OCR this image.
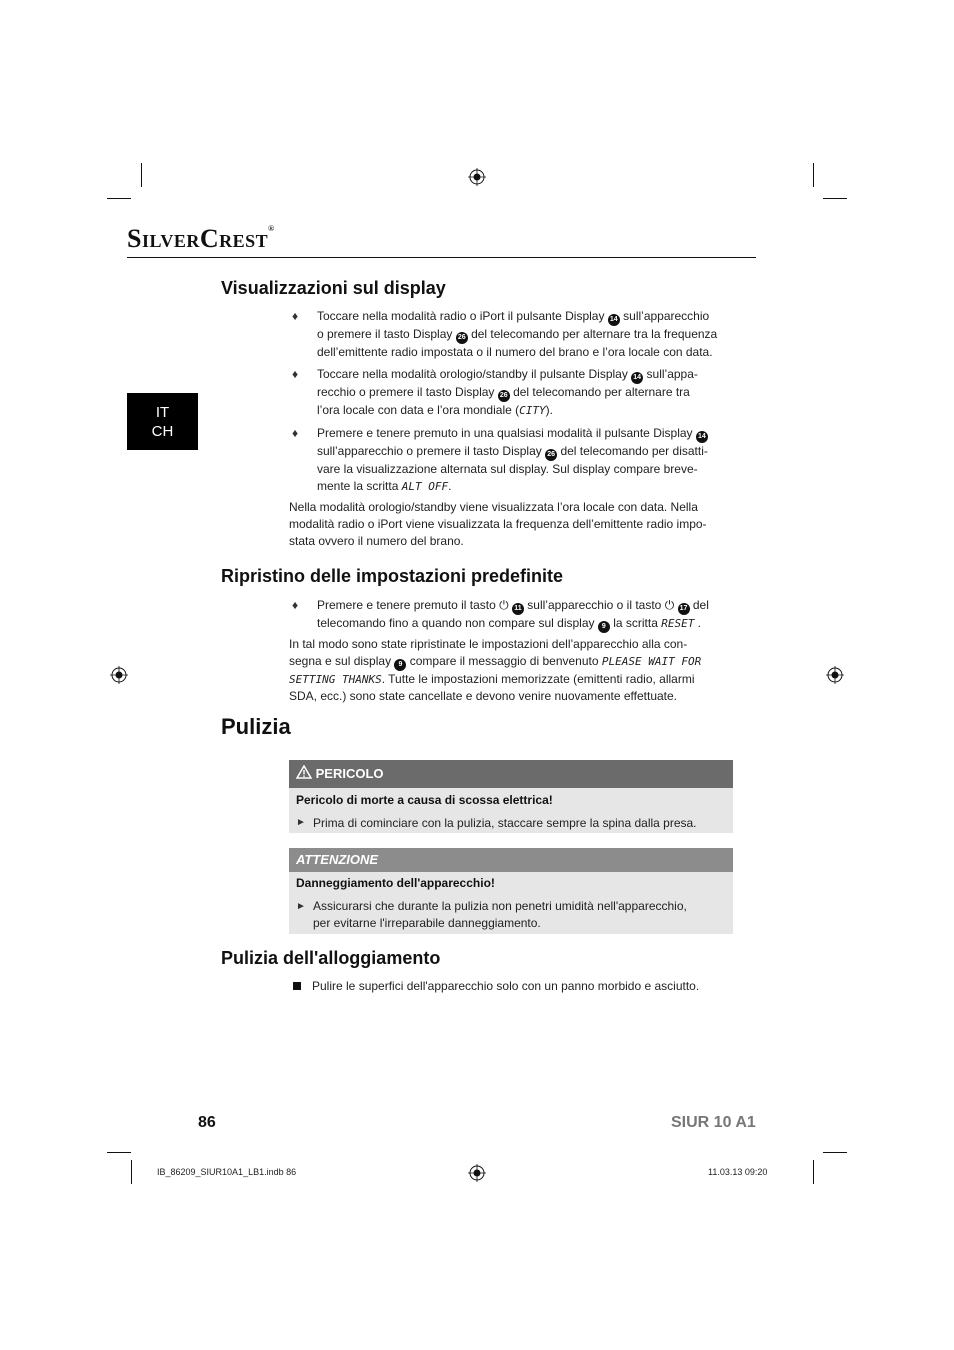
SilverCrest®
IT
CH
Visualizzazioni sul display
♦ Toccare nella modalità radio o iPort il pulsante Display 14 sull’apparecchio
o premere il tasto Display 26 del telecomando per alternare tra la frequenza
dell’emittente radio impostata o il numero del brano e l’ora locale con data.
♦ Toccare nella modalità orologio/standby il pulsante Display 14 sull’appa-
recchio o premere il tasto Display 26 del telecomando per alternare tra
l’ora locale con data e l’ora mondiale (CITY).
♦ Premere e tenere premuto in una qualsiasi modalità il pulsante Display 14
sull’apparecchio o premere il tasto Display 26 del telecomando per disatti-
vare la visualizzazione alternata sul display. Sul display compare breve-
mente la scritta ALT OFF.
Nella modalità orologio/standby viene visualizzata l’ora locale con data. Nella
modalità radio o iPort viene visualizzata la frequenza dell’emittente radio impo-
stata ovvero il numero del brano.
Ripristino delle impostazioni predefinite
♦ Premere e tenere premuto il tasto ⏻ 11 sull’apparecchio o il tasto ⏻ 17 del
telecomando fino a quando non compare sul display 9 la scritta RESET .
In tal modo sono state ripristinate le impostazioni dell’apparecchio alla con-
segna e sul display 9 compare il messaggio di benvenuto PLEASE WAIT FOR
SETTING THANKS. Tutte le impostazioni memorizzate (emittenti radio, allarmi
SDA, ecc.) sono state cancellate e devono venire nuovamente effettuate.
Pulizia
PERICOLO
Pericolo di morte a causa di scossa elettrica!
► Prima di cominciare con la pulizia, staccare sempre la spina dalla presa.
ATTENZIONE
Danneggiamento dell'apparecchio!
► Assicurarsi che durante la pulizia non penetri umidità nell'apparecchio,
per evitarne l'irreparabile danneggiamento.
Pulizia dell'alloggiamento
Pulire le superfici dell'apparecchio solo con un panno morbido e asciutto.
86	SIUR 10 A1
IB_86209_SIUR10A1_LB1.indb 86	11.03.13 09:20
